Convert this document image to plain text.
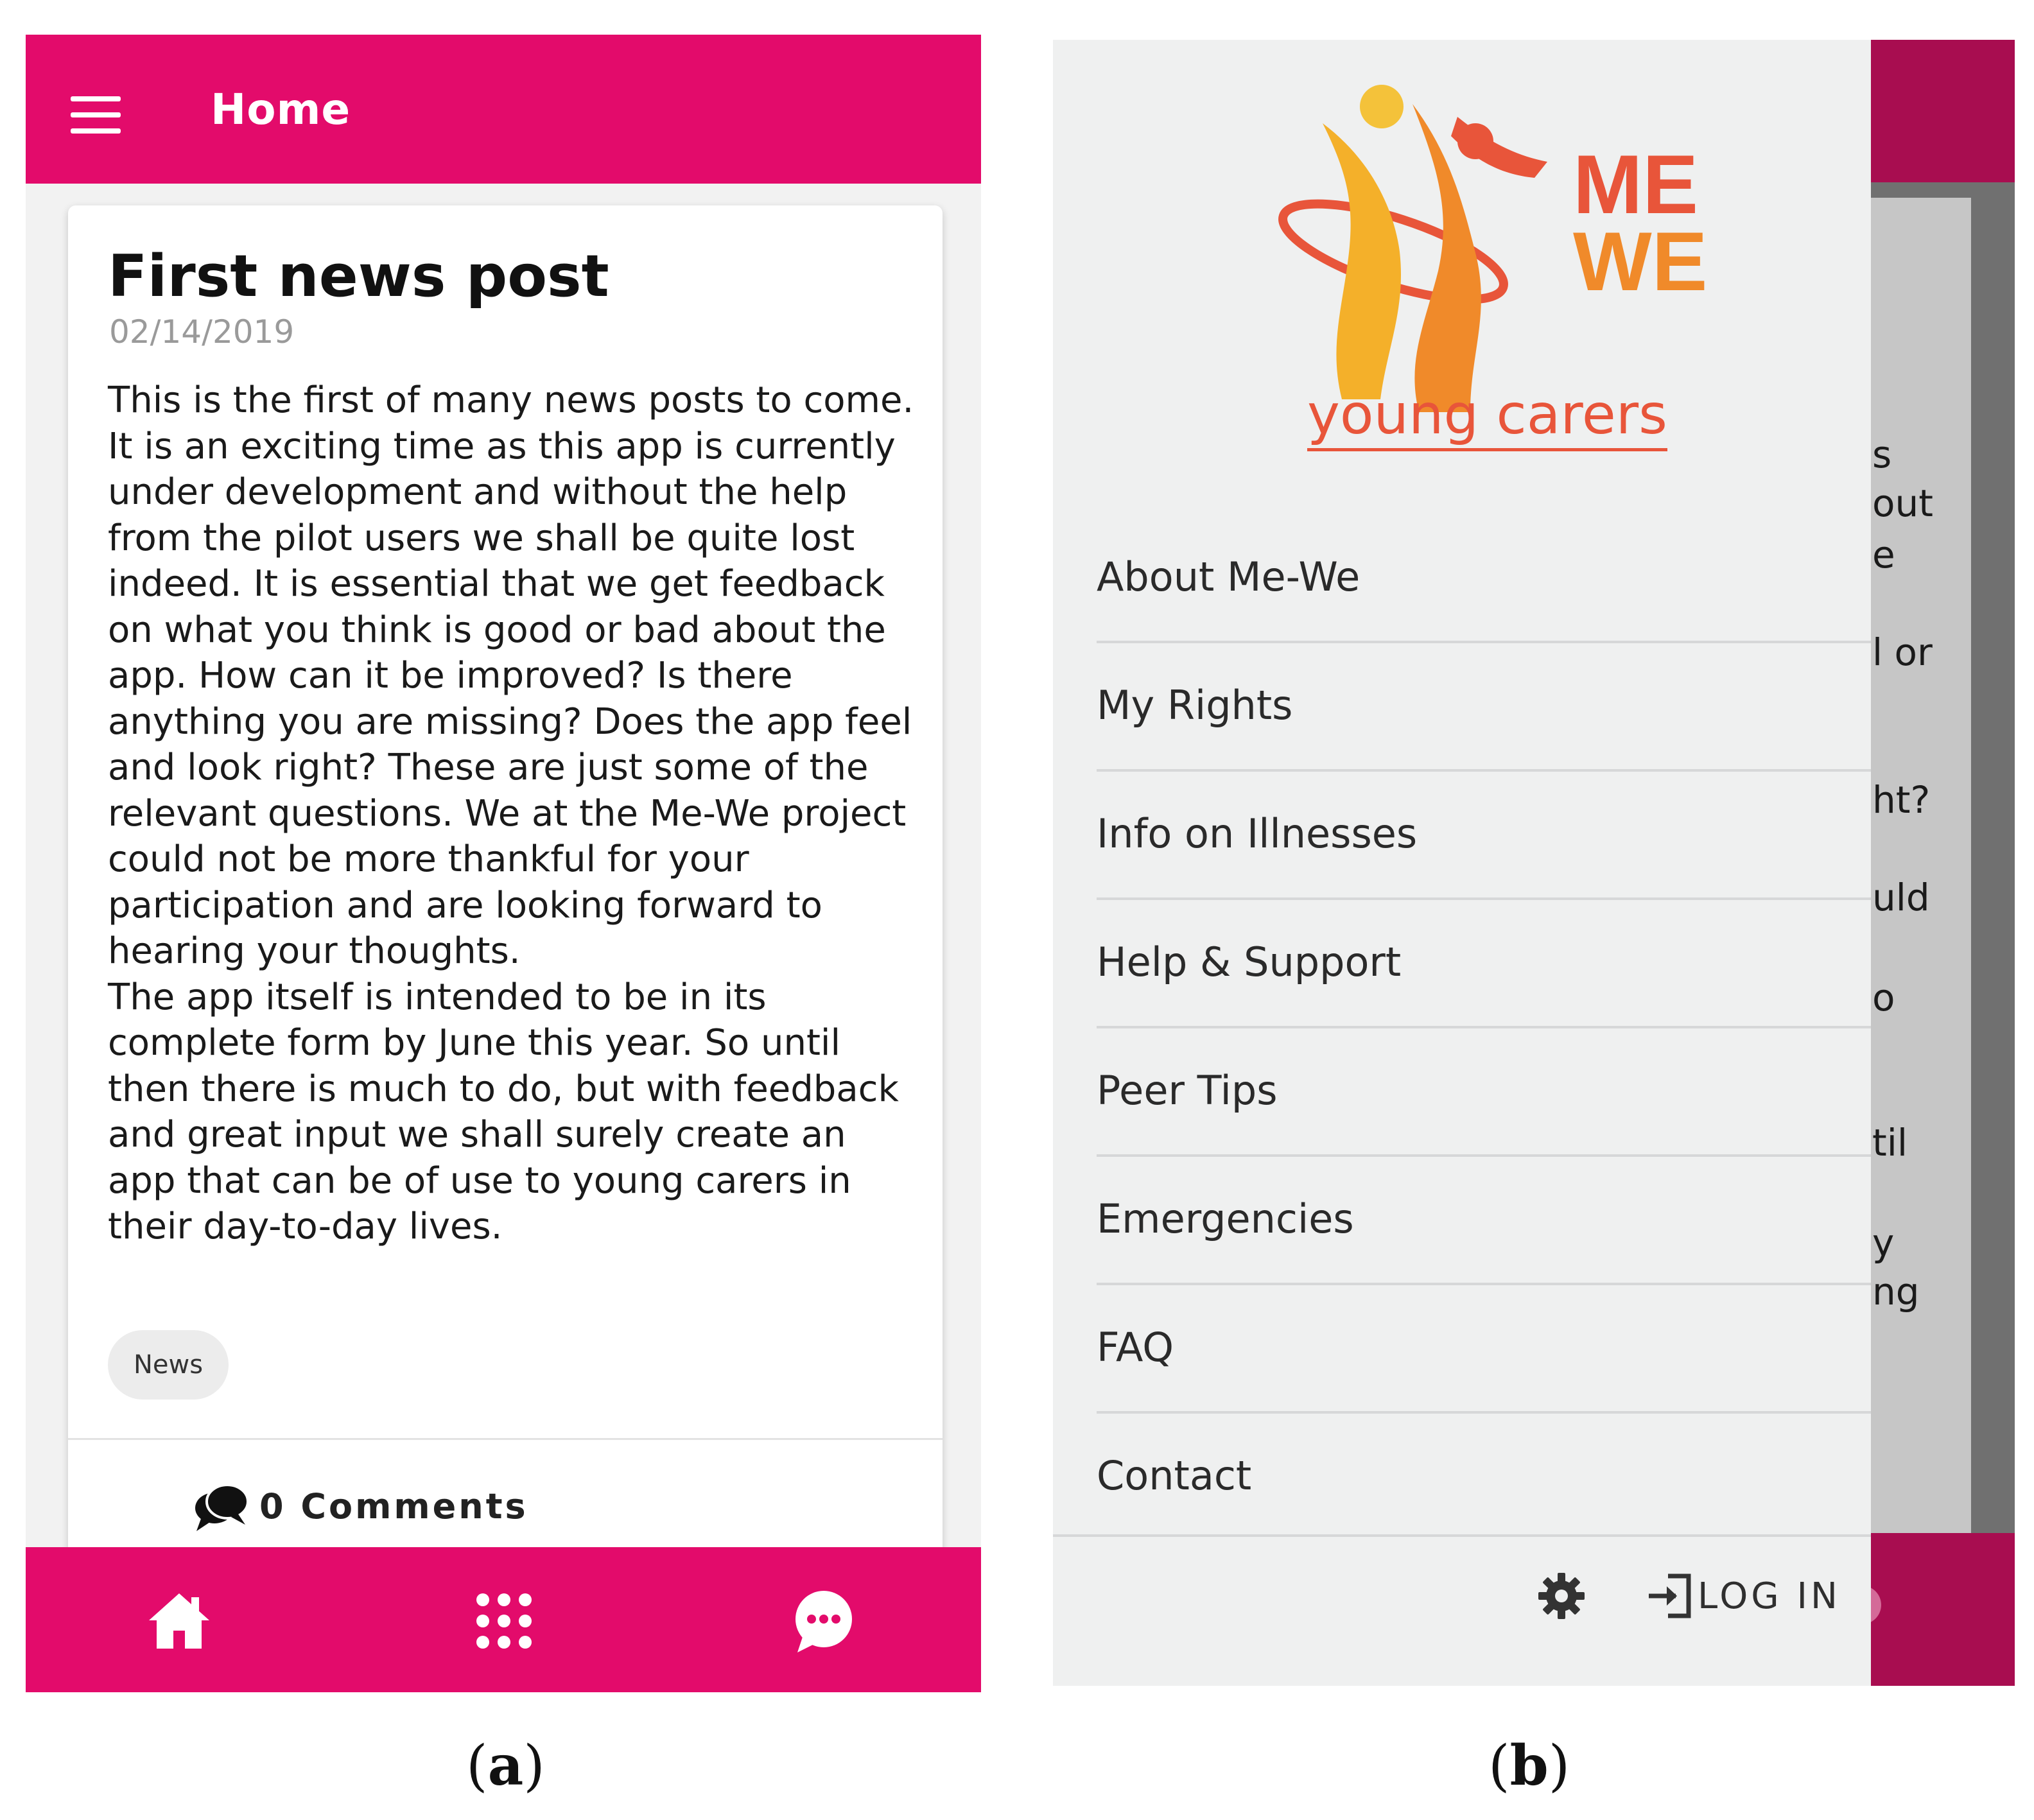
Home
First news post
02/14/2019

This is the first of many news posts to come. It is an exciting time as this app is currently under development and without the help from the pilot users we shall be quite lost indeed. It is essential that we get feedback on what you think is good or bad about the app. How can it be improved? Is there anything you are missing? Does the app feel and look right? These are just some of the relevant questions. We at the Me-We project could not be more thankful for your participation and are looking forward to hearing your thoughts.

The app itself is intended to be in its complete form by June this year. So until then there is much to do, but with feedback and great input we shall surely create an app that can be of use to young carers in their day-to-day lives.

News
0 Comments
s
out
e
l or
ht?
uld
o
til
y
ng
ME
WE
young carers
About Me-We
My Rights
Info on Illnesses
Help & Support
Peer Tips
Emergencies
FAQ
Contact
LOG IN
(a)	(b)
